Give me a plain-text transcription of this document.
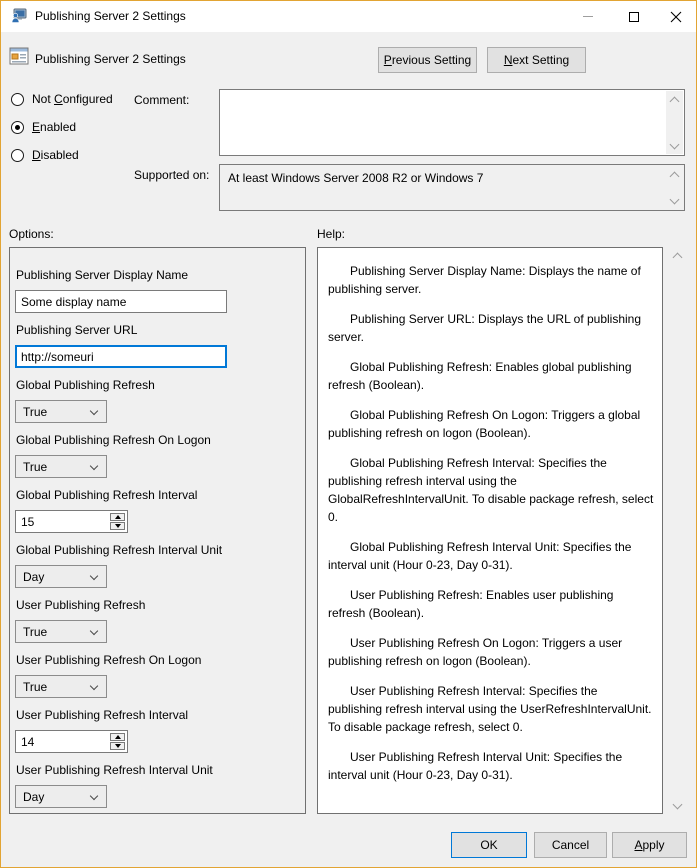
Publishing Server 2 Settings
Publishing Server 2 Settings	P revious Setting	N ext Setting
Not Configured
Enabled
Disabled
Comment:
Supported on: At least Windows Server 2008 R2 or Windows 7
Options:	Help:
Publishing Server Display Name
Some display name
Publishing Server URL
http://someuri
Global Publishing Refresh
True
Global Publishing Refresh On Logon
True
Global Publishing Refresh Interval
15
Global Publishing Refresh Interval Unit
Day
User Publishing Refresh
True
User Publishing Refresh On Logon
True
User Publishing Refresh Interval
14
User Publishing Refresh Interval Unit
Day

Publishing Server Display Name: Displays the name of publishing server.

Publishing Server URL: Displays the URL of publishing server.

Global Publishing Refresh: Enables global publishing refresh (Boolean).

Global Publishing Refresh On Logon: Triggers a global publishing refresh on logon (Boolean).

Global Publishing Refresh Interval: Specifies the publishing refresh interval using the GlobalRefreshIntervalUnit. To disable package refresh, select 0.

Global Publishing Refresh Interval Unit: Specifies the interval unit (Hour 0-23, Day 0-31).

User Publishing Refresh: Enables user publishing refresh (Boolean).

User Publishing Refresh On Logon: Triggers a user publishing refresh on logon (Boolean).

User Publishing Refresh Interval: Specifies the publishing refresh interval using the UserRefreshIntervalUnit. To disable package refresh, select 0.

User Publishing Refresh Interval Unit: Specifies the interval unit (Hour 0-23, Day 0-31).

OK	Cancel	A pply
